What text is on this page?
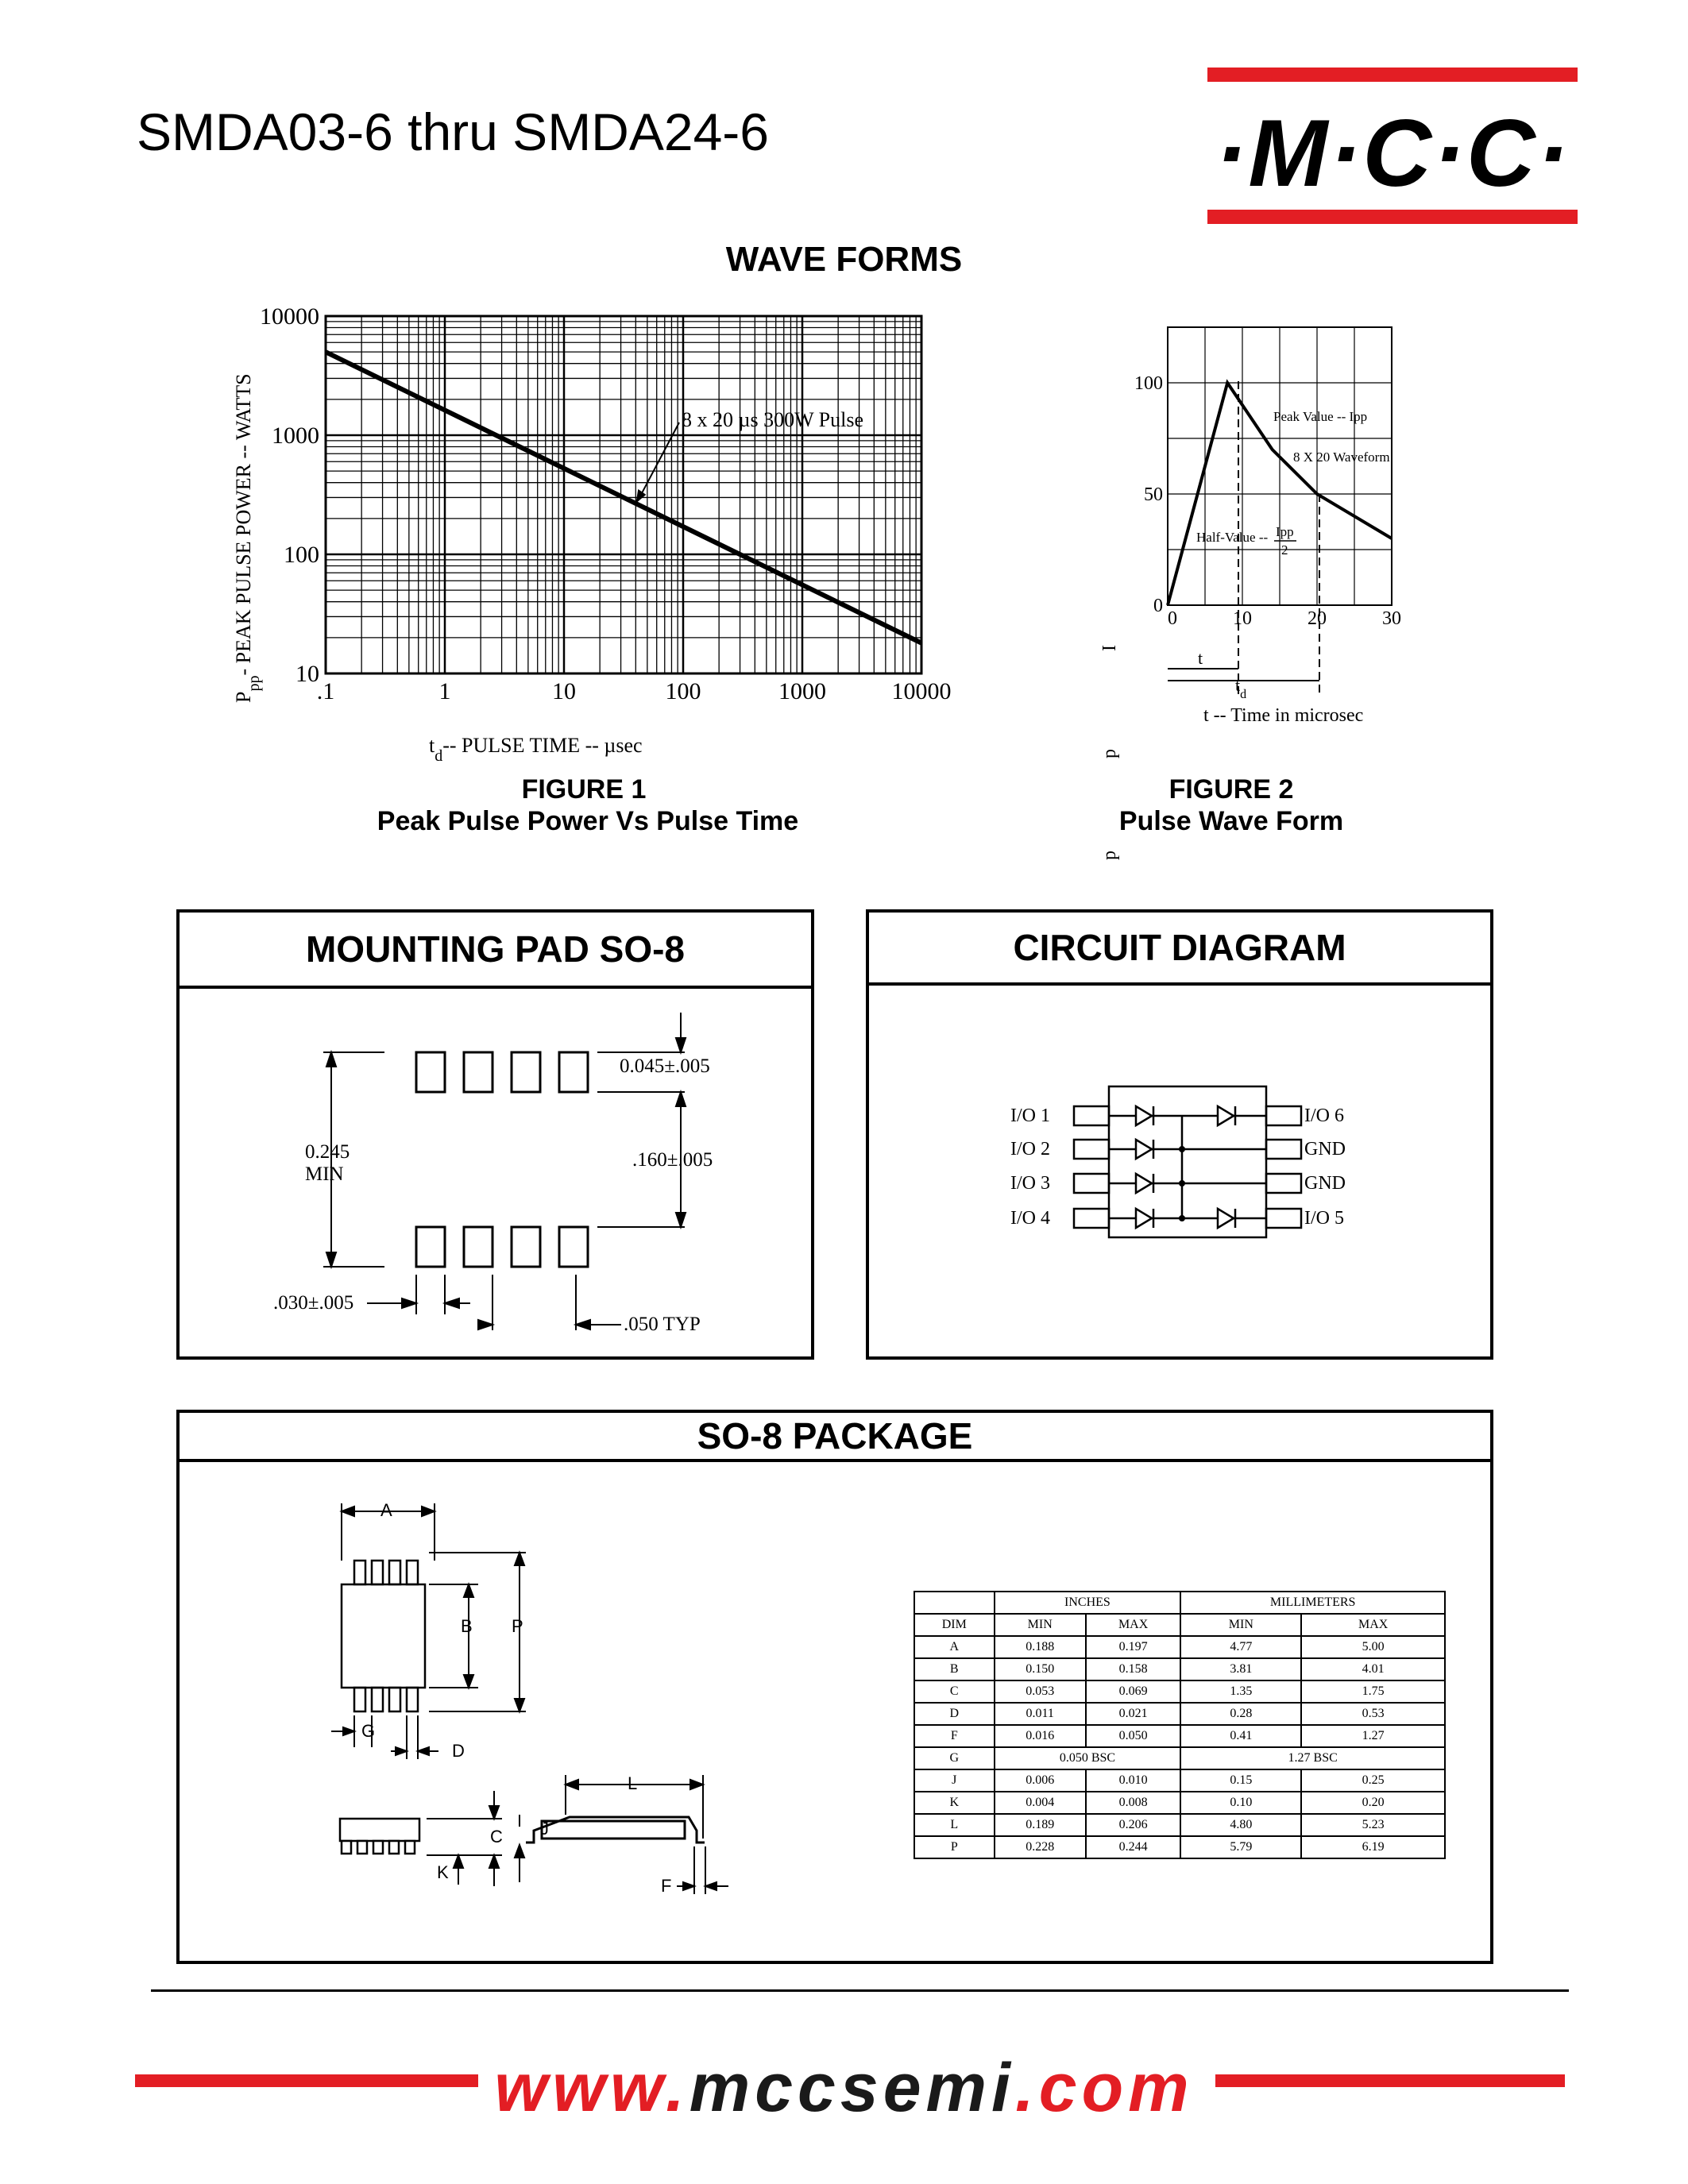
SMDA03-6 thru SMDA24-6	·M·C·C·
WAVE FORMS
.1	1	10	100	1000	10000
10
100
1000
10000
8 x 20 µs 300W Pulse
$P_{pp}-$ PEAK PULSE POWER -- WATTS
$t_d--$ PULSE TIME -- µsec
FIGURE 1
Peak Pulse Power Vs Pulse Time
0	10	20	30
0
50
100
Peak Value -- Ipp
8 X 20 Waveform
Half-Value -- Ipp
2
t
$t_d$
t -- Time in microsec
I
p
p
FIGURE 2
Pulse Wave Form
MOUNTING PAD SO-8
0.045±.005
.160±.005
0.245
MIN
.030±.005
.050 TYP
CIRCUIT DIAGRAM
I/O 1
I/O 2
I/O 3
I/O 4
I/O 6
GND
GND
I/O 5
SO-8 PACKAGE
A
B P
G
D
L
C J
K
F
	INCHES		MILLIMETERS	
DIM	MIN	MAX	MIN	MAX
A	0.188	0.197	4.77	5.00
B	0.150	0.158	3.81	4.01
C	0.053	0.069	1.35	1.75
D	0.011	0.021	0.28	0.53
F	0.016	0.050	0.41	1.27
G	0.050 BSC		1.27 BSC	
J	0.006	0.010	0.15	0.25
K	0.004	0.008	0.10	0.20
L	0.189	0.206	4.80	5.23
P	0.228	0.244	5.79	6.19
www.mccsemi.com
